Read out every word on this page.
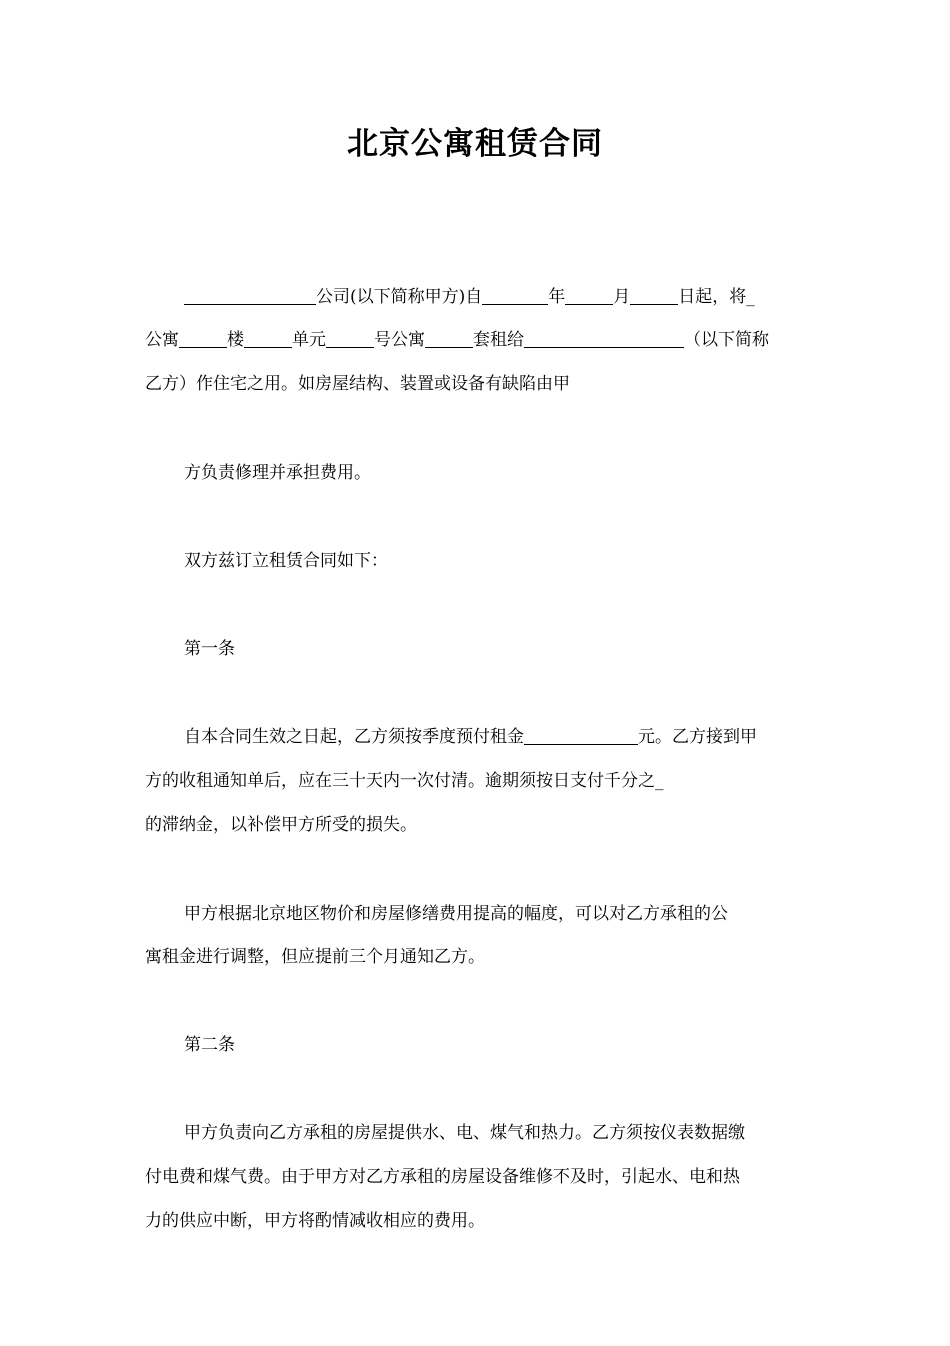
北京公寓租赁合同

公司(以下简称甲方)自	年	月	日起，将_

公寓	楼	单元	号公寓	套租给	（以下简称

乙方）作住宅之用。如房屋结构、装置或设备有缺陷由甲

方负责修理并承担费用。

双方兹订立租赁合同如下：

第一条

自本合同生效之日起，乙方须按季度预付租金	元。乙方接到甲

方的收租通知单后，应在三十天内一次付清。逾期须按日支付千分之_

的滞纳金，以补偿甲方所受的损失。

甲方根据北京地区物价和房屋修缮费用提高的幅度，可以对乙方承租的公

寓租金进行调整，但应提前三个月通知乙方。

第二条

甲方负责向乙方承租的房屋提供水、电、煤气和热力。乙方须按仪表数据缴

付电费和煤气费。由于甲方对乙方承租的房屋设备维修不及时，引起水、电和热

力的供应中断，甲方将酌情减收相应的费用。
